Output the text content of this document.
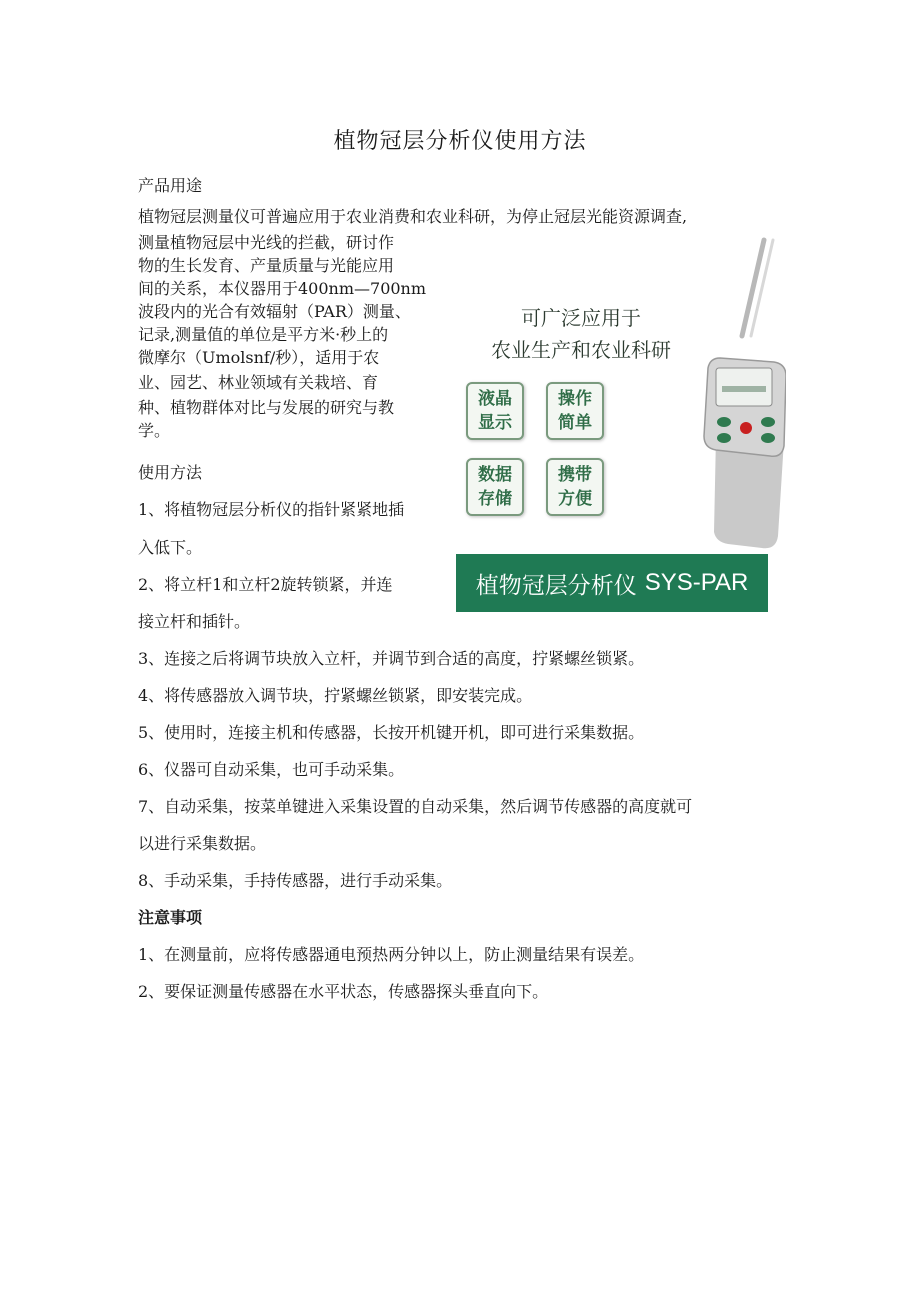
植物冠层分析仪使用方法
产品用途
植物冠层测量仪可普遍应用于农业消费和农业科研，为停止冠层光能资源调查,
测量植物冠层中光线的拦截，研讨作
物的生长发育、产量质量与光能应用
间的关系，本仪器用于400nm—700nm
波段内的光合有效辐射（PAR）测量、
记录,测量值的单位是平方米·秒上的
微摩尔（Umolsnf/秒），适用于农
业、园艺、林业领域有关栽培、育
种、植物群体对比与发展的研究与教
学。
使用方法
1、将植物冠层分析仪的指针紧紧地插
入低下。
2、将立杆1和立杆2旋转锁紧，并连
接立杆和插针。
3、连接之后将调节块放入立杆，并调节到合适的高度，拧紧螺丝锁紧。
4、将传感器放入调节块，拧紧螺丝锁紧，即安装完成。
5、使用时，连接主机和传感器，长按开机键开机，即可进行采集数据。
6、仪器可自动采集，也可手动采集。
7、自动采集，按菜单键进入采集设置的自动采集，然后调节传感器的高度就可
以进行采集数据。
8、手动采集，手持传感器，进行手动采集。
注意事项
1、在测量前，应将传感器通电预热两分钟以上，防止测量结果有误差。
2、要保证测量传感器在水平状态，传感器探头垂直向下。
可广泛应用于
农业生产和农业科研
液晶
显示
操作
简单
数据
存储
携带
方便
植物冠层分析仪 SYS-PAR
